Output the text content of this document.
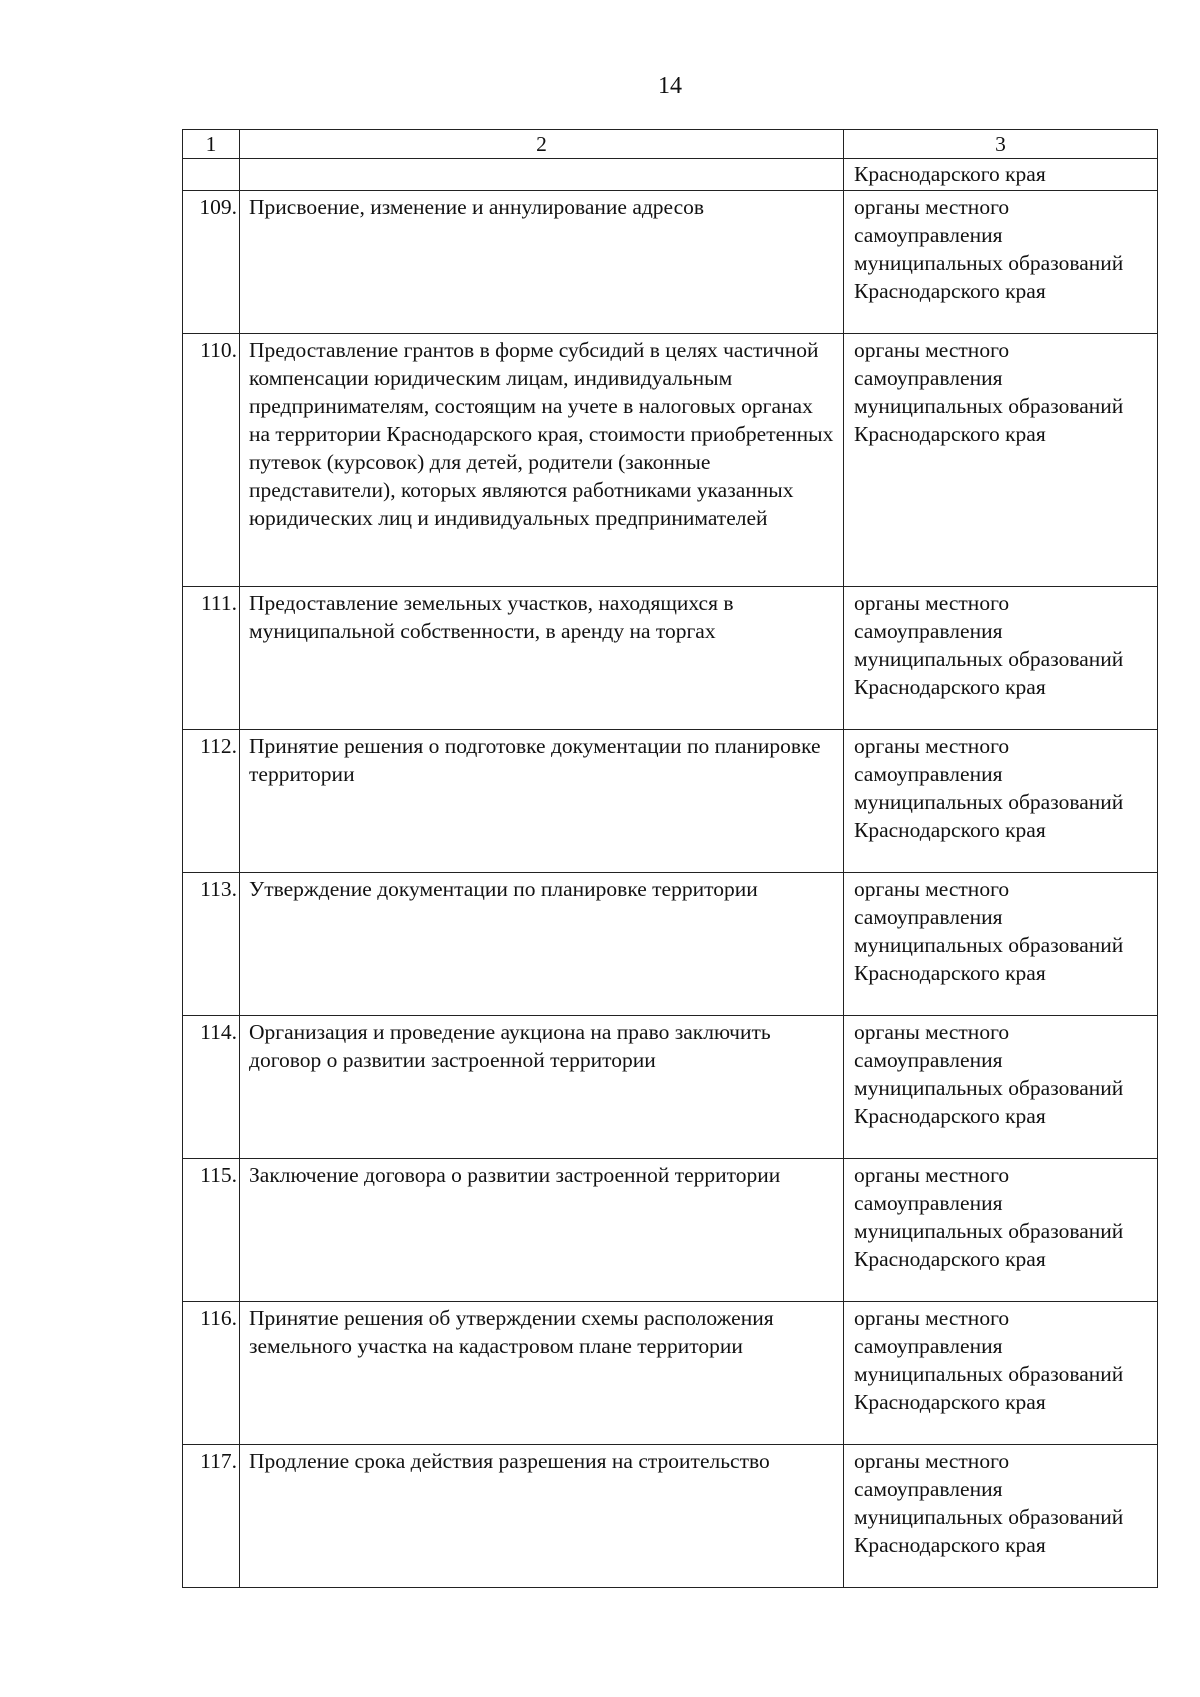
14
1	2	3

		Краснодарского края

109.	Присвоение, изменение и аннулирование адресов	органы местного самоуправления муниципальных образований Краснодарского края

110.	Предоставление грантов в форме субсидий в целях частичной компенсации юридическим лицам, индивидуальным предпринимателям, состоящим на учете в налоговых органах на территории Краснодарского края, стоимости приобретенных путевок (курсовок) для детей, родители (законные представители), которых являются работниками указанных юридических лиц и индивидуальных предпринимателей	органы местного самоуправления муниципальных образований Краснодарского края

111.	Предоставление земельных участков, находящихся в муниципальной собственности, в аренду на торгах	органы местного самоуправления муниципальных образований Краснодарского края

112.	Принятие решения о подготовке документации по планировке территории	органы местного самоуправления муниципальных образований Краснодарского края

113.	Утверждение документации по планировке территории	органы местного самоуправления муниципальных образований Краснодарского края

114.	Организация и проведение аукциона на право заключить договор о развитии застроенной территории	органы местного самоуправления муниципальных образований Краснодарского края

115.	Заключение договора о развитии застроенной территории	органы местного самоуправления муниципальных образований Краснодарского края

116.	Принятие решения об утверждении схемы расположения земельного участка на кадастровом плане территории	органы местного самоуправления муниципальных образований Краснодарского края

117.	Продление срока действия разрешения на строительство	органы местного самоуправления муниципальных образований Краснодарского края
